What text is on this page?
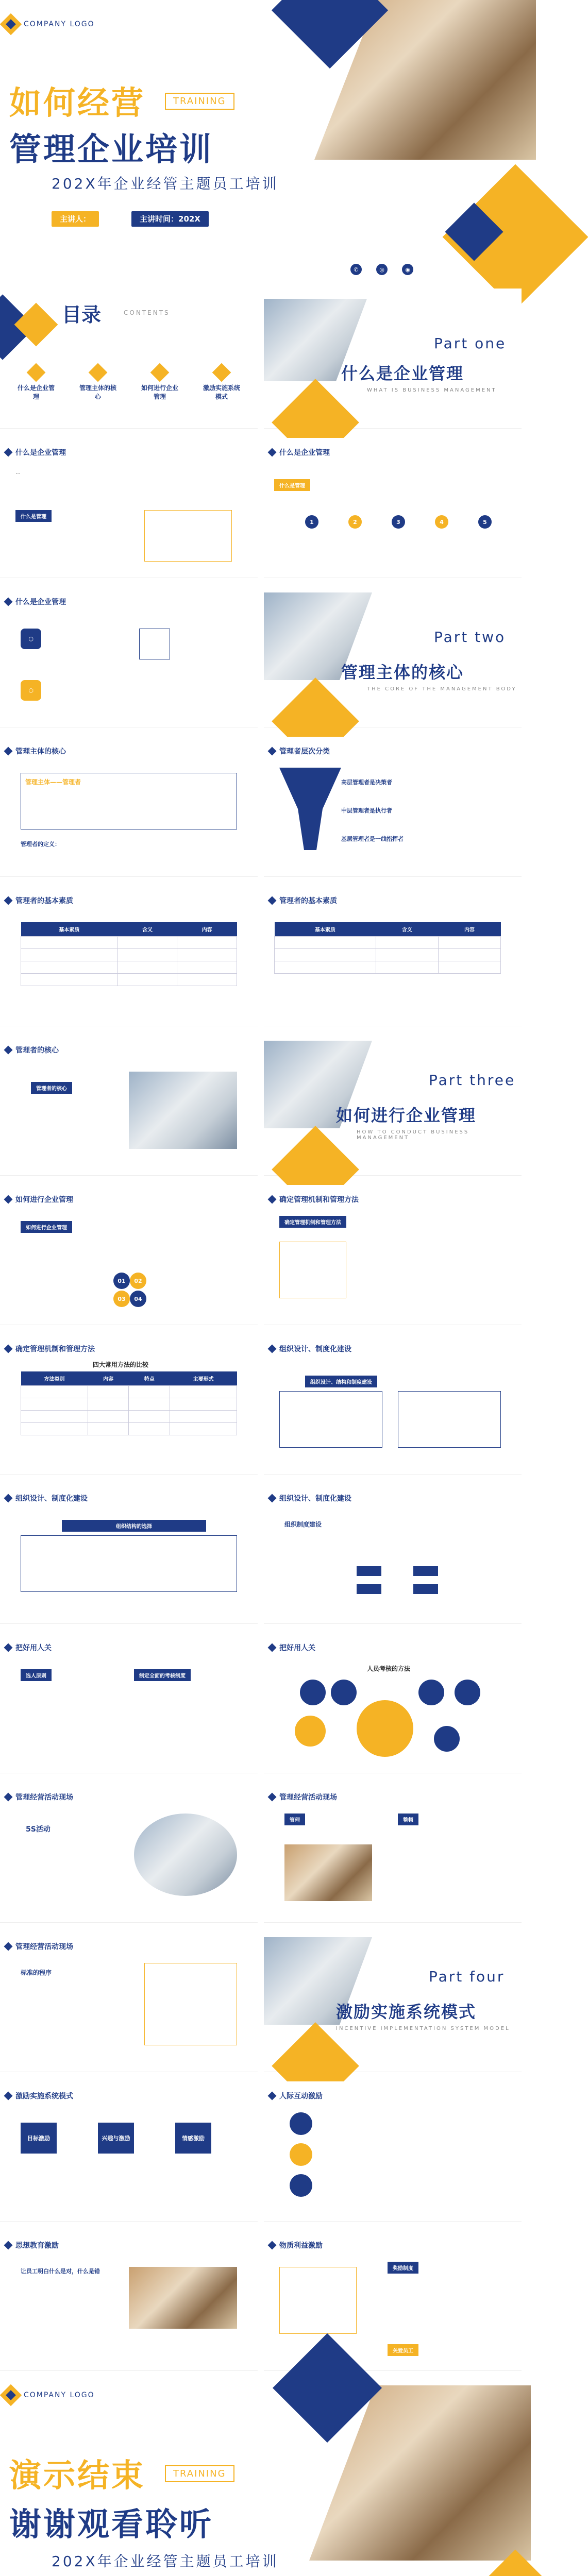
COMPANY LOGO
如何经营	TRAINING
管理企业培训
202X年企业经管主题员工培训
主讲人：	主讲时间：202X
✆	◎	◉
目录	CONTENTS
什么是企业管理
管理主体的核心
如何进行企业管理
激励实施系统模式
Part one
什么是企业管理
WHAT IS BUSINESS MANAGEMENT
什么是企业管理
…
什么是管理
什么是企业管理
什么是管理
1	2	3	4	5
什么是企业管理
⬡
⬡
Part two
管理主体的核心
THE CORE OF THE MANAGEMENT BODY
管理主体的核心
管理主体——管理者
管理者的定义：
管理者层次分类
高层管理者是决策者
中层管理者是执行者
基层管理者是一线指挥者
管理者的基本素质
基本素质	含义	内容

管理者的基本素质
基本素质	含义	内容

管理者的核心
管理者的核心
Part three
如何进行企业管理
HOW TO CONDUCT BUSINESS MANAGEMENT
如何进行企业管理
如何进行企业管理
01	02
03	04
确定管理机制和管理方法
确定管理机制和管理方法
确定管理机制和管理方法
四大常用方法的比较
方法类别	内容	特点	主要形式

组织设计、制度化建设
组织设计、结构和制度建设
组织设计、制度化建设
组织结构的选择
组织设计、制度化建设
组织制度建设

把好用人关
选人原则	制定全面的考核制度
把好用人关
人员考核的方法
管理经营活动现场
5S活动
管理经营活动现场
管理	整顿
管理经营活动现场
标准的程序	Part four
激励实施系统模式
INCENTIVE IMPLEMENTATION SYSTEM MODEL
激励实施系统模式
目标激励	兴趣与激励	情感激励
人际互动激励
思想教育激励
让员工明白什么是对，什么是错
物质利益激励
奖励制度
关爱员工
COMPANY LOGO
演示结束	TRAINING
谢谢观看聆听
202X年企业经管主题员工培训
